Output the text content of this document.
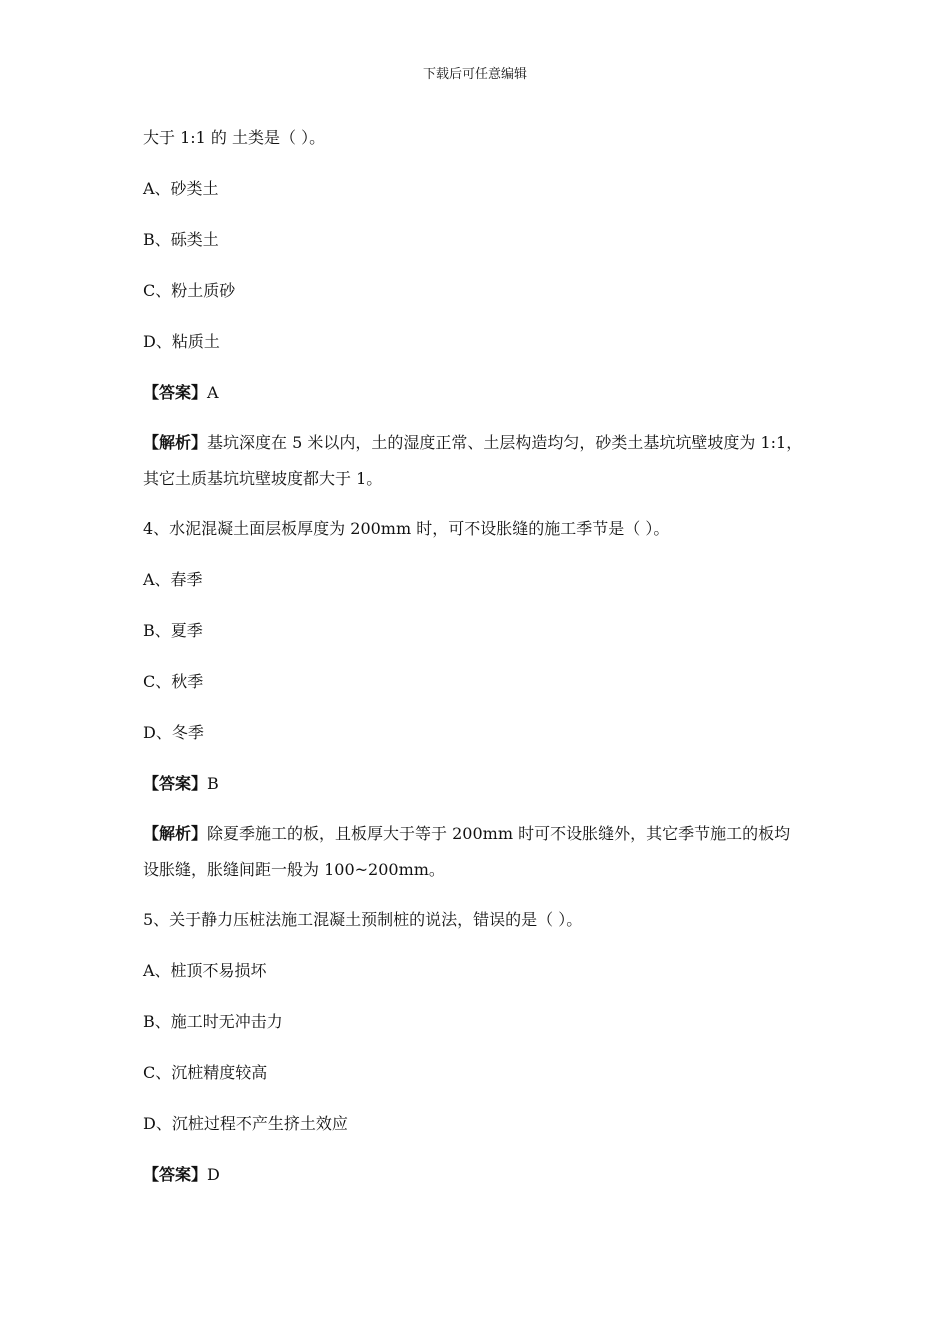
下载后可任意编辑
大于 1:1 的 土类是（ ）。
A、砂类土
B、砾类土
C、粉土质砂
D、粘质土
【答案】A
【解析】基坑深度在 5 米以内，土的湿度正常、土层构造均匀，砂类土基坑坑壁坡度为 1:1，其它土质基坑坑壁坡度都大于 1。
4、水泥混凝土面层板厚度为 200mm 时，可不设胀缝的施工季节是（ ）。
A、春季
B、夏季
C、秋季
D、冬季
【答案】B
【解析】除夏季施工的板，且板厚大于等于 200mm 时可不设胀缝外，其它季节施工的板均设胀缝，胀缝间距一般为 100~200mm。
5、关于静力压桩法施工混凝土预制桩的说法，错误的是（ ）。
A、桩顶不易损坏
B、施工时无冲击力
C、沉桩精度较高
D、沉桩过程不产生挤土效应
【答案】D
